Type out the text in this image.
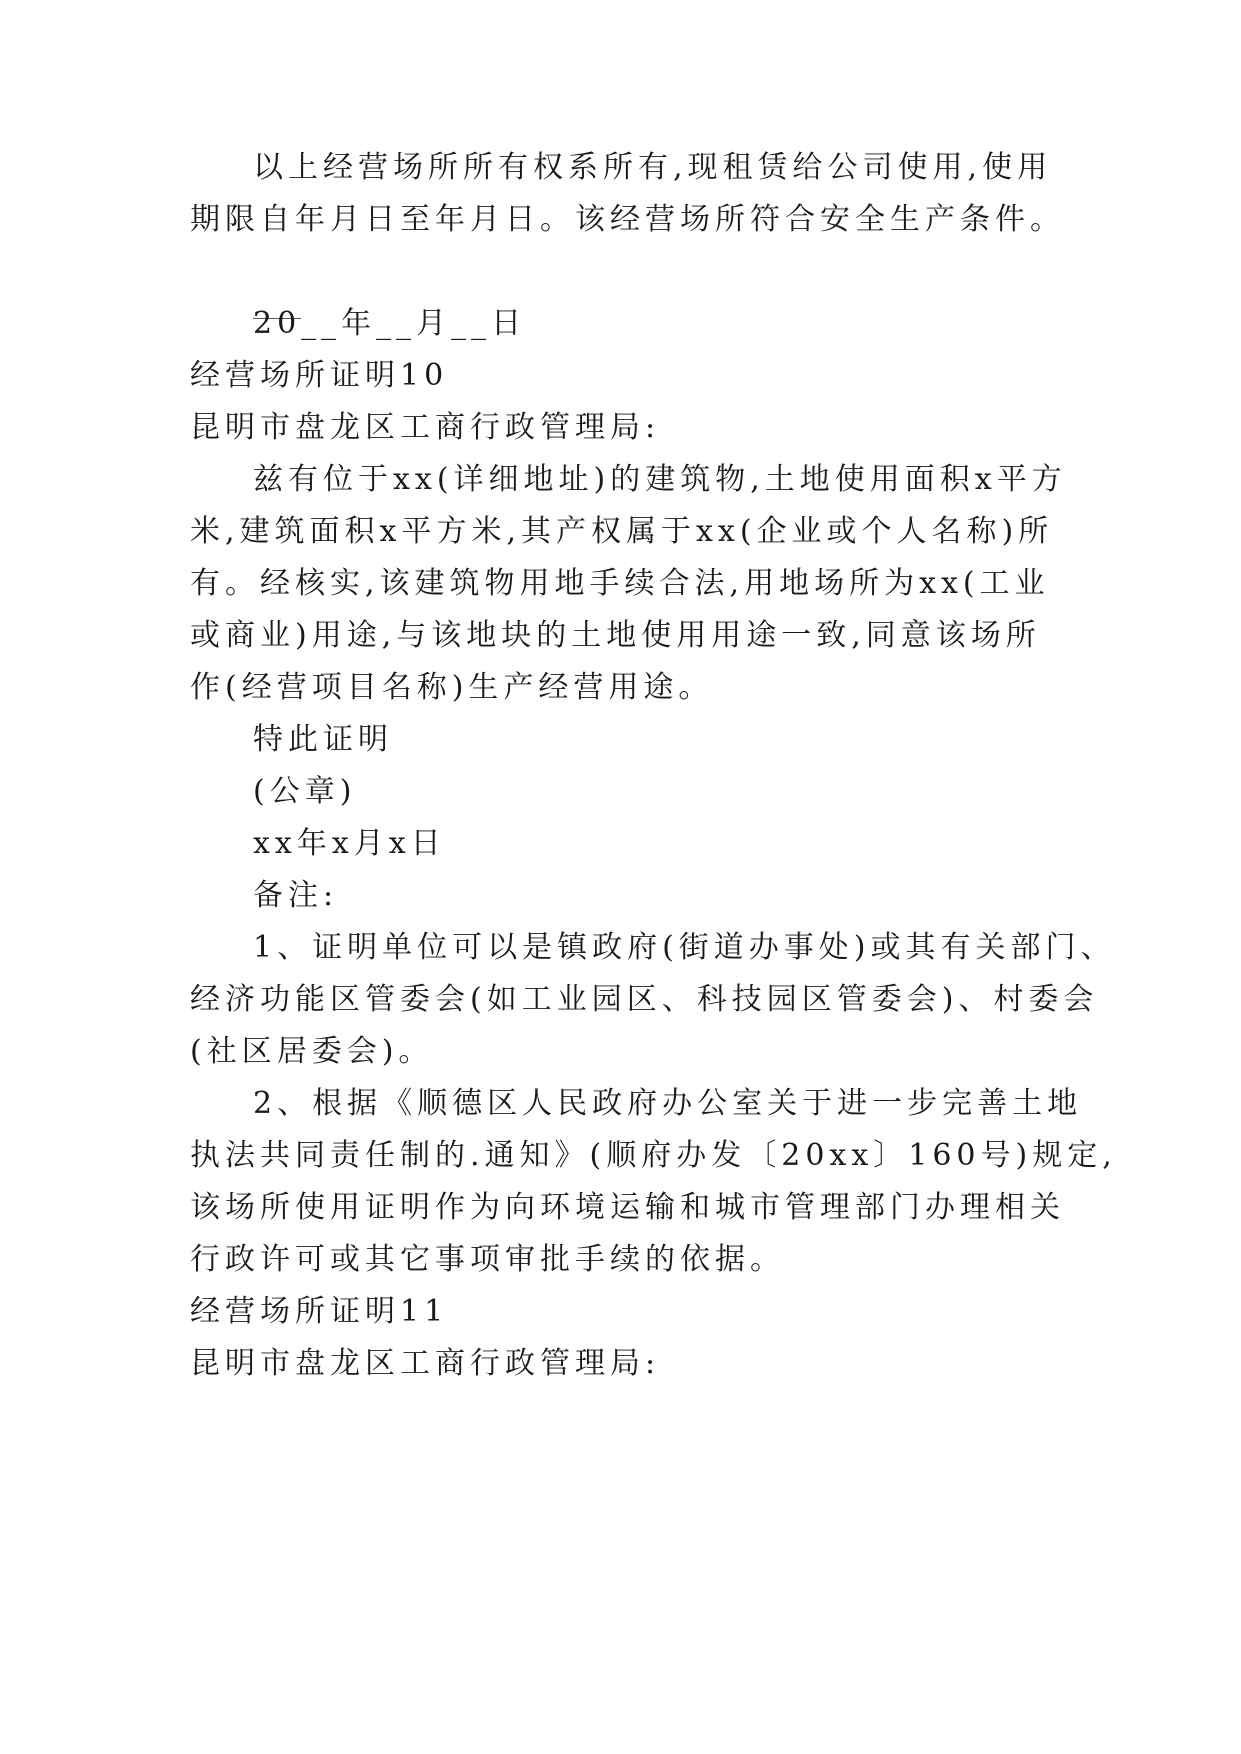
以上经营场所所有权系所有,现租赁给公司使用,使用
期限自年月日至年月日。该经营场所符合安全生产条件。
20__年__月__日
经营场所证明10
昆明市盘龙区工商行政管理局:
兹有位于xx(详细地址)的建筑物,土地使用面积x平方
米,建筑面积x平方米,其产权属于xx(企业或个人名称)所
有。经核实,该建筑物用地手续合法,用地场所为xx(工业
或商业)用途,与该地块的土地使用用途一致,同意该场所
作(经营项目名称)生产经营用途。
特此证明
(公章)
xx年x月x日
备注:
1、证明单位可以是镇政府(街道办事处)或其有关部门、
经济功能区管委会(如工业园区、科技园区管委会)、村委会
(社区居委会)。
2、根据《顺德区人民政府办公室关于进一步完善土地
执法共同责任制的.通知》(顺府办发〔20xx〕160号)规定,
该场所使用证明作为向环境运输和城市管理部门办理相关
行政许可或其它事项审批手续的依据。
经营场所证明11
昆明市盘龙区工商行政管理局:
